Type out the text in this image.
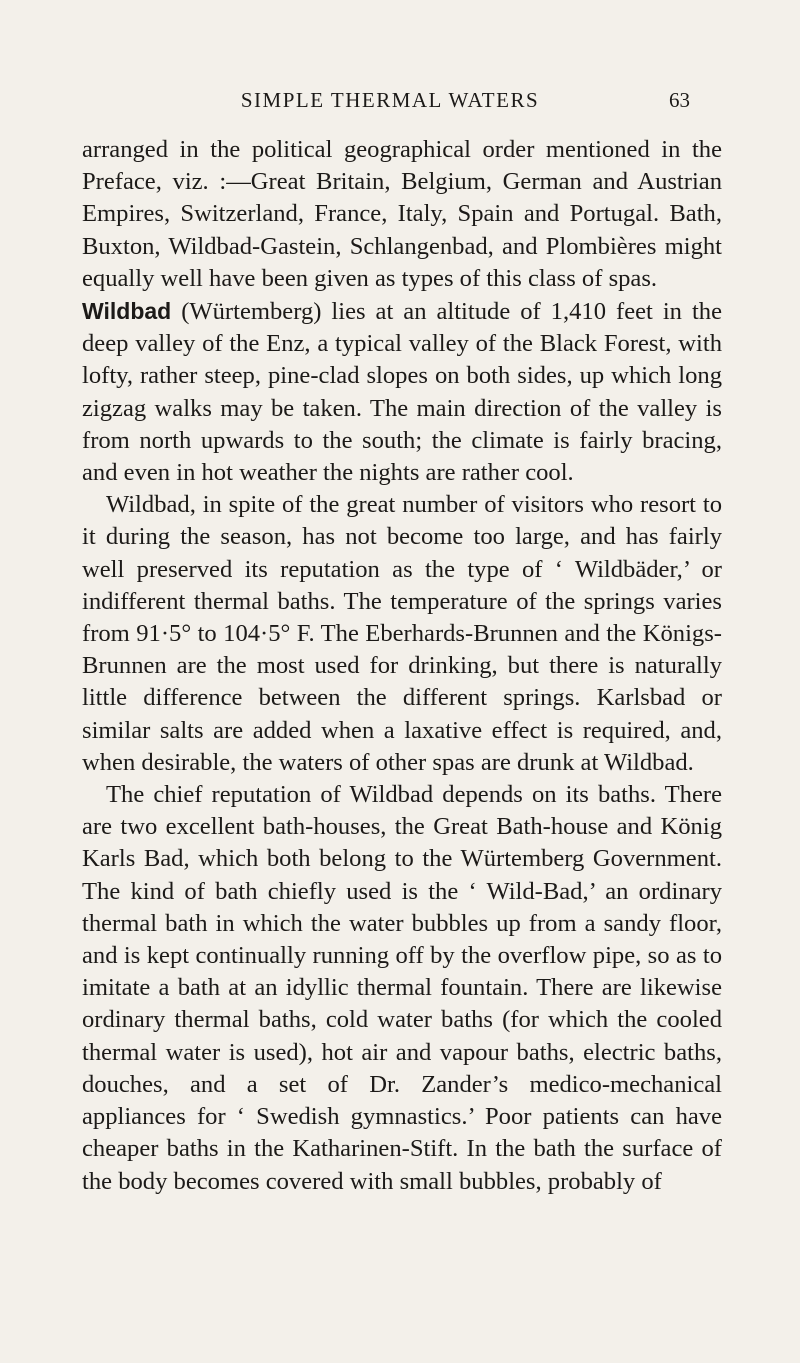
SIMPLE THERMAL WATERS	63

arranged in the political geographical order mentioned in the Preface, viz. :—Great Britain, Belgium, German and Austrian Empires, Switzerland, France, Italy, Spain and Portugal. Bath, Buxton, Wildbad-Gastein, Schlangenbad, and Plombières might equally well have been given as types of this class of spas.

Wildbad (Würtemberg) lies at an altitude of 1,410 feet in the deep valley of the Enz, a typical valley of the Black Forest, with lofty, rather steep, pine-clad slopes on both sides, up which long zigzag walks may be taken. The main direction of the valley is from north upwards to the south; the climate is fairly bracing, and even in hot weather the nights are rather cool.

Wildbad, in spite of the great number of visitors who resort to it during the season, has not become too large, and has fairly well preserved its reputation as the type of ‘ Wildbäder,’ or indifferent thermal baths. The temperature of the springs varies from 91·5° to 104·5° F. The Eberhards-Brunnen and the Königs-Brunnen are the most used for drinking, but there is naturally little difference between the different springs. Karlsbad or similar salts are added when a laxative effect is required, and, when desirable, the waters of other spas are drunk at Wildbad.

The chief reputation of Wildbad depends on its baths. There are two excellent bath-houses, the Great Bath-house and König Karls Bad, which both belong to the Würtemberg Government. The kind of bath chiefly used is the ‘ Wild-Bad,’ an ordinary thermal bath in which the water bubbles up from a sandy floor, and is kept continually running off by the overflow pipe, so as to imitate a bath at an idyllic thermal fountain. There are likewise ordinary thermal baths, cold water baths (for which the cooled thermal water is used), hot air and vapour baths, electric baths, douches, and a set of Dr. Zander’s medico-mechanical appliances for ‘ Swedish gymnastics.’ Poor patients can have cheaper baths in the Katharinen-Stift. In the bath the surface of the body becomes covered with small bubbles, probably of
